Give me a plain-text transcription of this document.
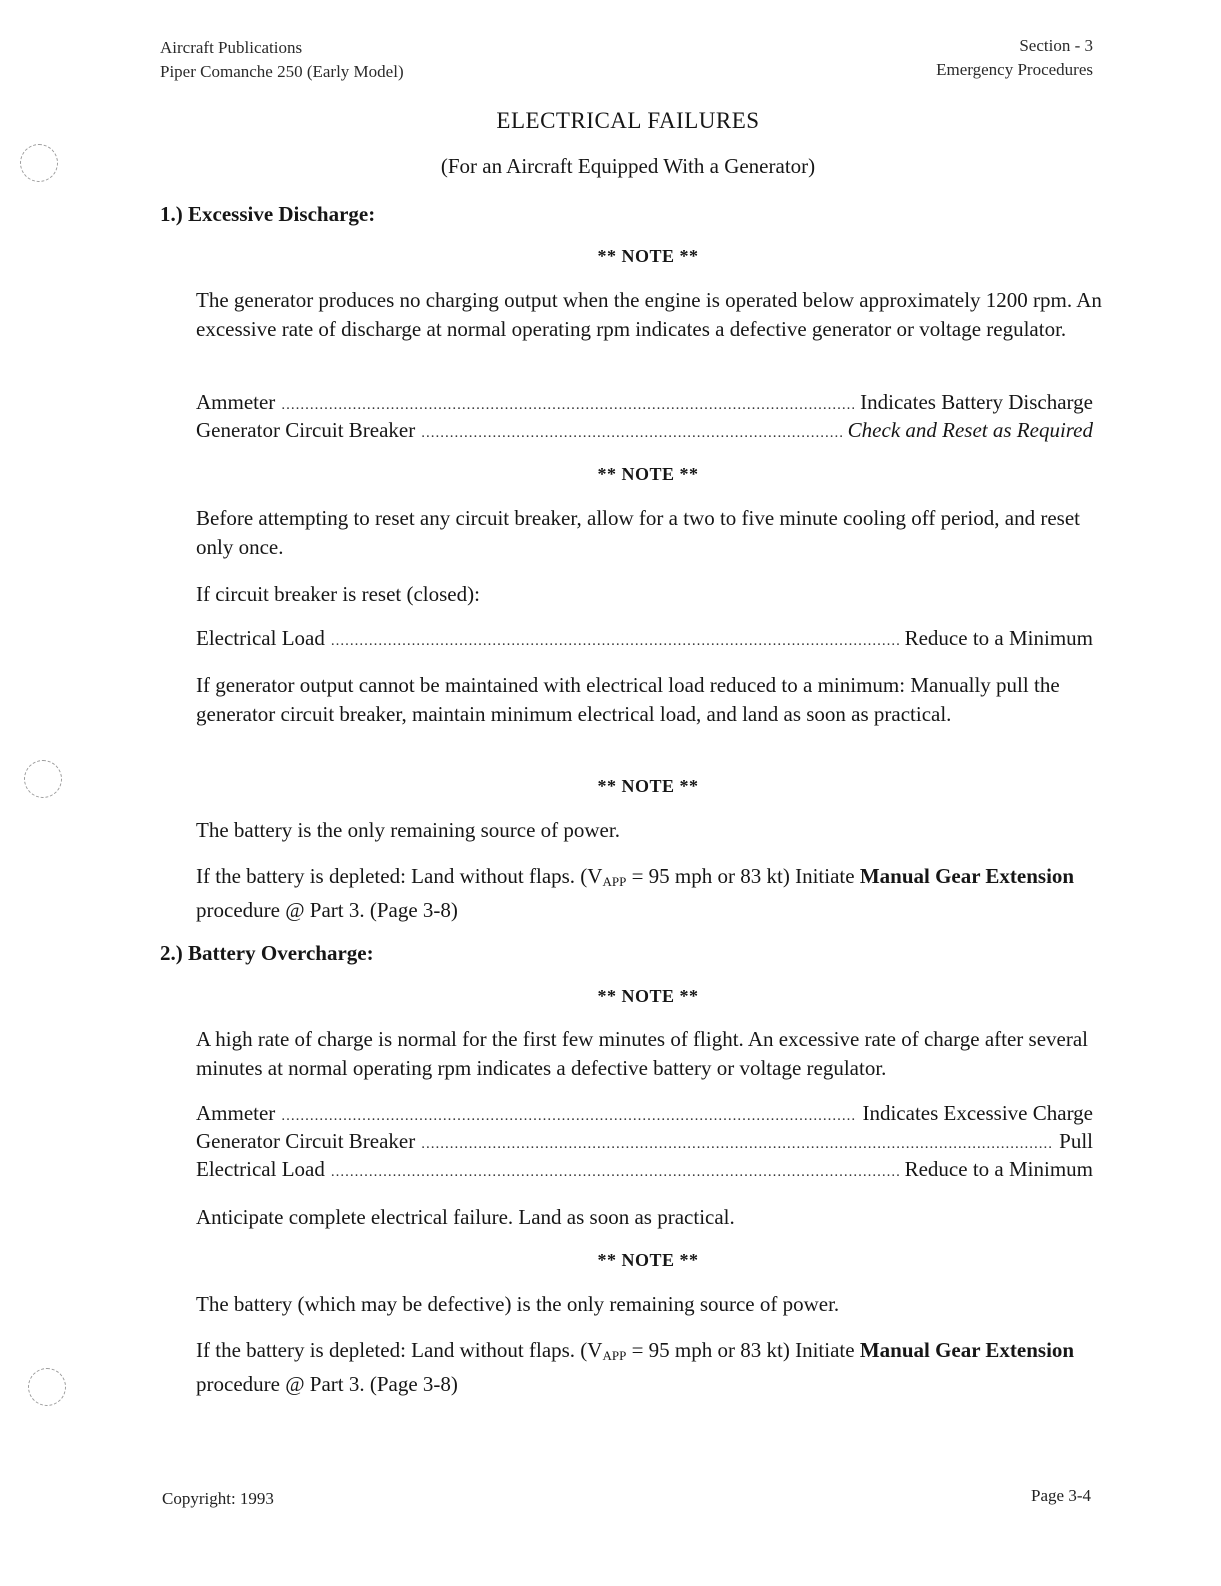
Aircraft Publications
Piper Comanche 250 (Early Model)
Section - 3
Emergency Procedures
ELECTRICAL FAILURES
(For an Aircraft Equipped With a Generator)
1.) Excessive Discharge:
** NOTE **
The generator produces no charging output when the engine is operated below approximately 1200 rpm. An excessive rate of discharge at normal operating rpm indicates a defective generator or voltage regulator.
Ammeter .....	Indicates Battery Discharge
Generator Circuit Breaker .....	Check and Reset as Required
** NOTE **
Before attempting to reset any circuit breaker, allow for a two to five minute cooling off period, and reset only once.
If circuit breaker is reset (closed):
Electrical Load .....	Reduce to a Minimum
If generator output cannot be maintained with electrical load reduced to a minimum: Manually pull the generator circuit breaker, maintain minimum electrical load, and land as soon as practical.
** NOTE **
The battery is the only remaining source of power.
If the battery is depleted: Land without flaps. ($V_{APP} = 95$ mph or 83 kt) Initiate Manual Gear Extension procedure @ Part 3. (Page 3-8)
2.) Battery Overcharge:
** NOTE **
A high rate of charge is normal for the first few minutes of flight. An excessive rate of charge after several minutes at normal operating rpm indicates a defective battery or voltage regulator.
Ammeter .....	Indicates Excessive Charge
Generator Circuit Breaker .....	Pull
Electrical Load .....	Reduce to a Minimum
Anticipate complete electrical failure. Land as soon as practical.
** NOTE **
The battery (which may be defective) is the only remaining source of power.
If the battery is depleted: Land without flaps. ($V_{APP} = 95$ mph or 83 kt) Initiate Manual Gear Extension procedure @ Part 3. (Page 3-8)
Copyright: 1993	Page 3-4
